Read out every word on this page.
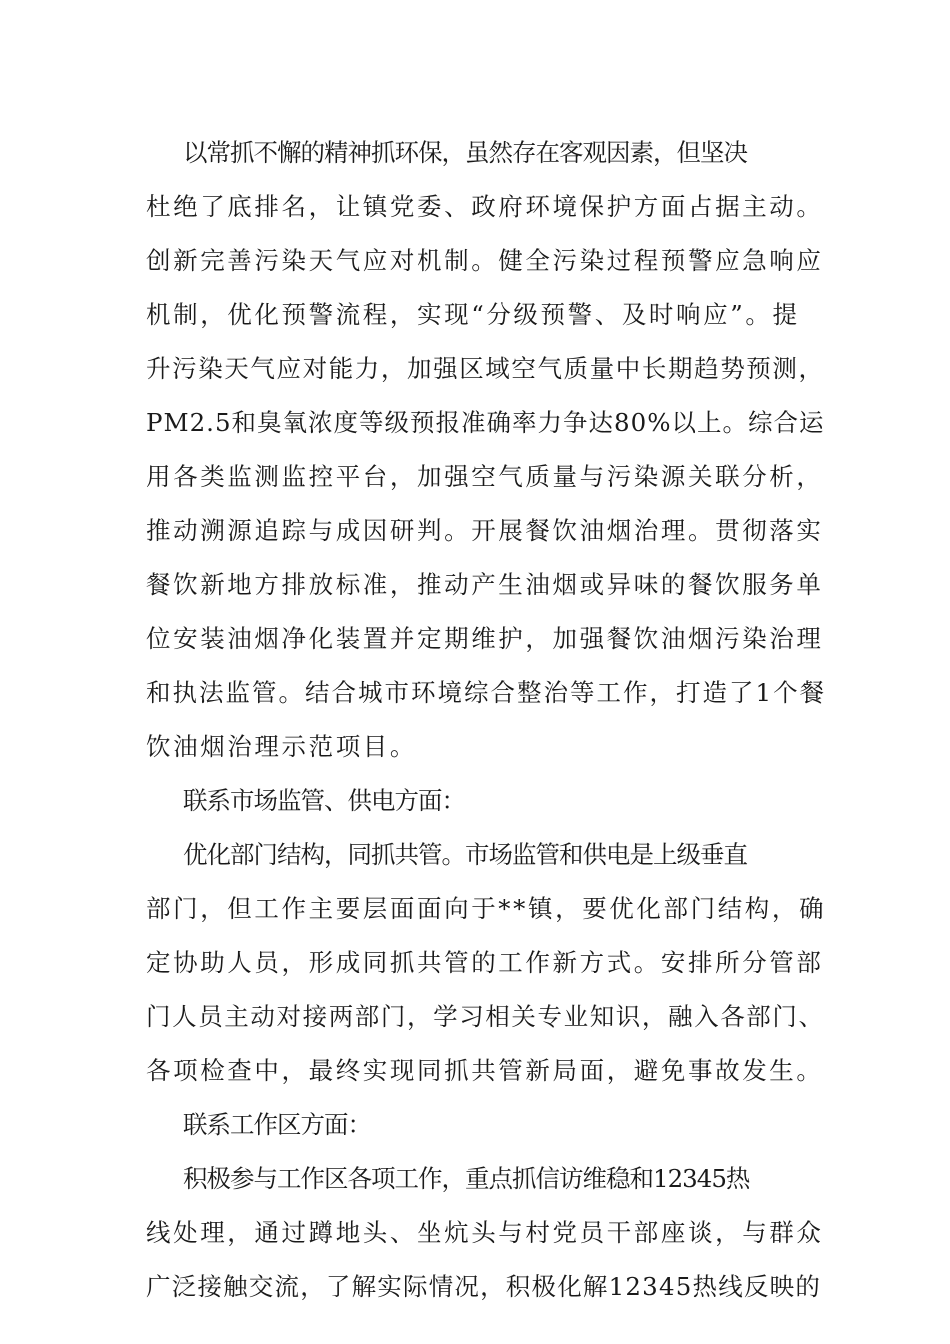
以常抓不懈的精神抓环保，虽然存在客观因素，但坚决
杜绝了底排名，让镇党委、政府环境保护方面占据主动。
创新完善污染天气应对机制。健全污染过程预警应急响应
机制，优化预警流程，实现“分级预警、及时响应”。提
升污染天气应对能力，加强区域空气质量中长期趋势预测，
PM2.5和臭氧浓度等级预报准确率力争达80%以上。综合运
用各类监测监控平台，加强空气质量与污染源关联分析，
推动溯源追踪与成因研判。开展餐饮油烟治理。贯彻落实
餐饮新地方排放标准，推动产生油烟或异味的餐饮服务单
位安装油烟净化装置并定期维护，加强餐饮油烟污染治理
和执法监管。结合城市环境综合整治等工作，打造了1个餐
饮油烟治理示范项目。
联系市场监管、供电方面：
优化部门结构，同抓共管。市场监管和供电是上级垂直
部门，但工作主要层面面向于**镇，要优化部门结构，确
定协助人员，形成同抓共管的工作新方式。安排所分管部
门人员主动对接两部门，学习相关专业知识，融入各部门、
各项检查中，最终实现同抓共管新局面，避免事故发生。
联系工作区方面：
积极参与工作区各项工作，重点抓信访维稳和12345热
线处理，通过蹲地头、坐炕头与村党员干部座谈，与群众
广泛接触交流，了解实际情况，积极化解12345热线反映的
